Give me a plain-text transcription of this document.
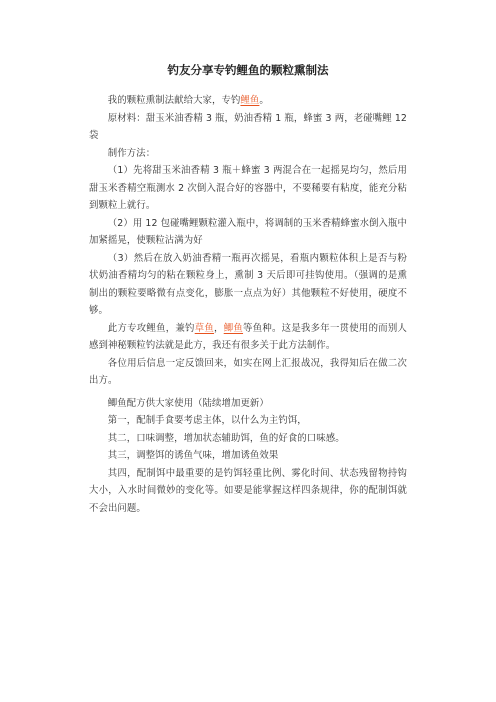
钓友分享专钓鲤鱼的颗粒熏制法

我的颗粒熏制法献给大家，专钓鲤鱼。

原材料：甜玉米油香精 3 瓶，奶油香精 1 瓶，蜂蜜 3 两，老碰嘴鲤 12 袋

制作方法：

（1）先将甜玉米油香精 3 瓶＋蜂蜜 3 两混合在一起摇晃均匀，然后用甜玉米香精空瓶测水 2 次倒入混合好的容器中，不要稀要有粘度，能充分粘到颗粒上就行。

（2）用 12 包碰嘴鲤颗粒灌入瓶中，将调制的玉米香精蜂蜜水倒入瓶中加紧摇晃，使颗粒沾满为好

（3）然后在放入奶油香精一瓶再次摇晃，看瓶内颗粒体积上是否与粉状奶油香精均匀的粘在颗粒身上，熏制 3 天后即可挂钩使用。（强调的是熏制出的颗粒要略微有点变化，膨胀一点点为好）其他颗粒不好使用，硬度不够。

此方专攻鲤鱼，兼钓草鱼，鲫鱼等鱼种。这是我多年一贯使用的而别人感到神秘颗粒钓法就是此方，我还有很多关于此方法制作。

各位用后信息一定反馈回来，如实在网上汇报战况，我得知后在做二次出方。

鲫鱼配方供大家使用（陆续增加更新）

第一，配制手食要考虑主体，以什么为主钓饵，

其二，口味调整，增加状态辅助饵，鱼的好食的口味感。

其三，调整饵的诱鱼气味，增加诱鱼效果

其四，配制饵中最重要的是钓饵轻重比例、雾化时间、状态残留物持钩大小，入水时间微妙的变化等。如要是能掌握这样四条规律，你的配制饵就不会出问题。
